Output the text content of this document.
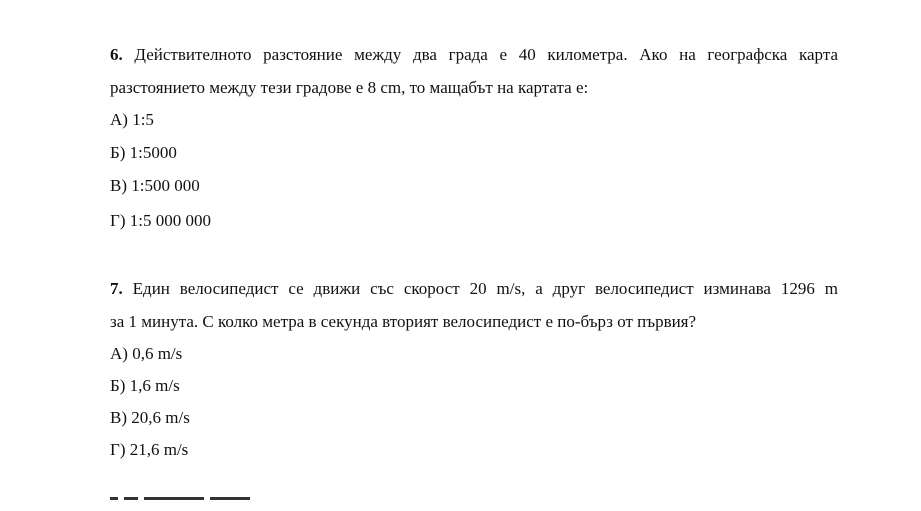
6. Действителното разстояние между два града е 40 километра. Ако на географска карта
разстоянието между тези градове е 8 cm, то мащабът на картата е:
А) 1:5
Б) 1:5000
В) 1:500 000
Г) 1:5 000 000
7. Един велосипедист се движи със скорост 20 m/s, а друг велосипедист изминава 1296 m
за 1 минута. С колко метра в секунда вторият велосипедист е по-бърз от първия?
А) 0,6 m/s
Б) 1,6 m/s
В) 20,6 m/s
Г) 21,6 m/s
